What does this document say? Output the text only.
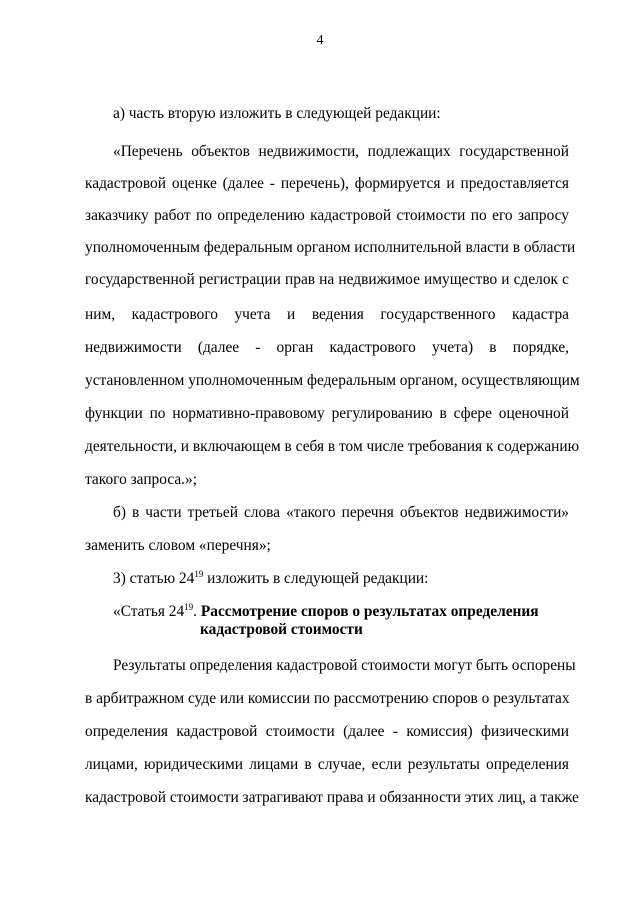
4
а) часть вторую изложить в следующей редакции:
«Перечень объектов недвижимости, подлежащих государственной
кадастровой оценке (далее - перечень), формируется и предоставляется
заказчику работ по определению кадастровой стоимости по его запросу
уполномоченным федеральным органом исполнительной власти в области
государственной регистрации прав на недвижимое имущество и сделок с
ним, кадастрового учета и ведения государственного кадастра
недвижимости (далее - орган кадастрового учета) в порядке,
установленном уполномоченным федеральным органом, осуществляющим
функции по нормативно-правовому регулированию в сфере оценочной
деятельности, и включающем в себя в том числе требования к содержанию
такого запроса.»;
б) в части третьей слова «такого перечня объектов недвижимости»
заменить словом «перечня»;
3) статью $24^{19}$ изложить в следующей редакции:
«Статья $24^{19}$. Рассмотрение споров о результатах определения
кадастровой стоимости
Результаты определения кадастровой стоимости могут быть оспорены
в арбитражном суде или комиссии по рассмотрению споров о результатах
определения кадастровой стоимости (далее - комиссия) физическими
лицами, юридическими лицами в случае, если результаты определения
кадастровой стоимости затрагивают права и обязанности этих лиц, а также
